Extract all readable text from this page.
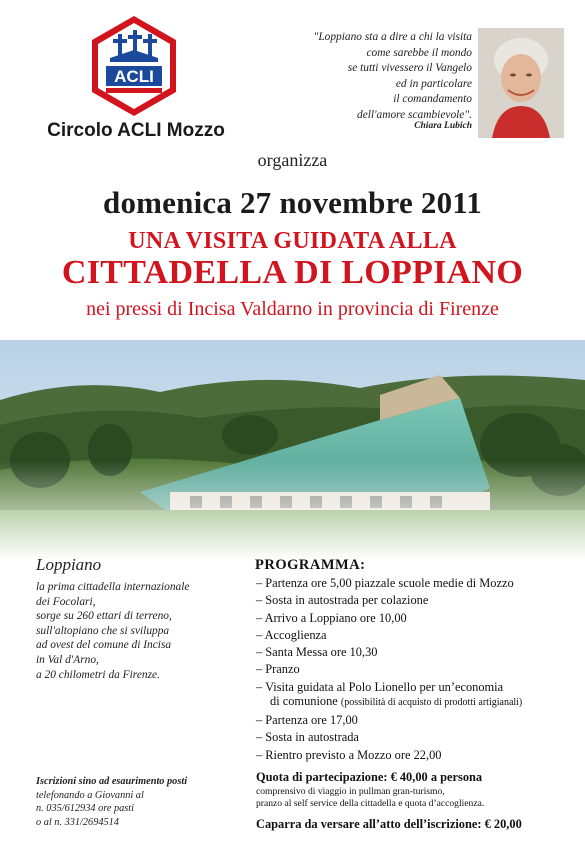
ACLI
Circolo ACLI Mozzo
"Loppiano sta a dire a chi la visita
come sarebbe il mondo
se tutti vivessero il Vangelo
ed in particolare
il comandamento
dell'amore scambievole".
Chiara Lubich
organizza
domenica 27 novembre 2011
UNA VISITA GUIDATA ALLA
CITTADELLA DI LOPPIANO
nei pressi di Incisa Valdarno in provincia di Firenze
Loppiano
la prima cittadella internazionale
dei Focolari,
sorge su 260 ettari di terreno,
sull'altopiano che si sviluppa
ad ovest del comune di Incisa
in Val d'Arno,
a 20 chilometri da Firenze.
Iscrizioni sino ad esaurimento posti
telefonando a Giovanni al
n. 035/612934 ore pasti
o al n. 331/2694514
PROGRAMMA:
– Partenza ore 5,00 piazzale scuole medie di Mozzo
– Sosta in autostrada per colazione
– Arrivo a Loppiano ore 10,00
– Accoglienza
– Santa Messa ore 10,30
– Pranzo
– Visita guidata al Polo Lionello per un’economia
di comunione (possibilità di acquisto di prodotti artigianali)
– Partenza ore 17,00
– Sosta in autostrada
– Rientro previsto a Mozzo ore 22,00
Quota di partecipazione: € 40,00 a persona
comprensivo di viaggio in pullman gran-turismo,
pranzo al self service della cittadella e quota d’accoglienza.
Caparra da versare all’atto dell’iscrizione: € 20,00
